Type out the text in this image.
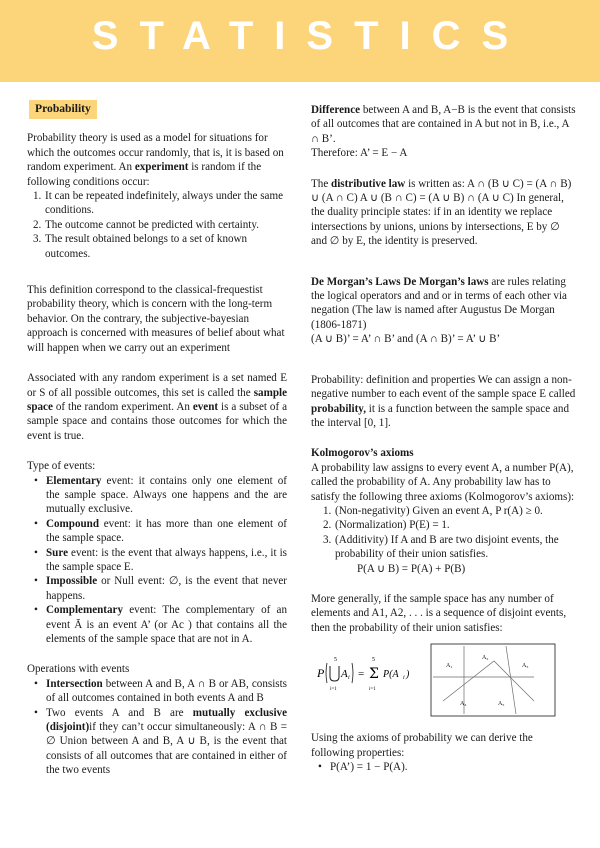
STATISTICS
Probability

Probability theory is used as a model for situations for which the outcomes occur randomly, that is, it is based on random experiment. An experiment is random if the following conditions occur:

1. It can be repeated indefinitely, always under the same conditions.
2. The outcome cannot be predicted with certainty.
3. The result obtained belongs to a set of known outcomes.

This definition correspond to the classical-frequestist probability theory, which is concern with the long-term behavior. On the contrary, the subjective-bayesian approach is concerned with measures of belief about what will happen when we carry out an experiment

Associated with any random experiment is a set named E or S of all possible outcomes, this set is called the sample space of the random experiment. An event is a subset of a sample space and contains those outcomes for which the event is true.

Type of events:

• Elementary event: it contains only one element of the sample space. Always one happens and the are mutually exclusive.
• Compound event: it has more than one element of the sample space.
• Sure event: is the event that always happens, i.e., it is the sample space E.
• Impossible or Null event: ∅, is the event that never happens.
• Complementary event: The complementary of an event Ā is an event A’ (or Ac ) that contains all the elements of the sample space that are not in A.

Operations with events

• Intersection between A and B, A ∩ B or AB, consists of all outcomes contained in both events A and B
• Two events A and B are mutually exclusive (disjoint)if they can’t occur simultaneously: A ∩ B = ∅ Union between A and B, A ∪ B, is the event that consists of all outcomes that are contained in either of the two events

Difference between A and B, A−B is the event that consists of all outcomes that are contained in A but not in B, i.e., A ∩ B’.

Therefore: A’ = E − A

The distributive law is written as: A ∩ (B ∪ C) = (A ∩ B) ∪ (A ∩ C) A ∪ (B ∩ C) = (A ∪ B) ∩ (A ∪ C) In general, the duality principle states: if in an identity we replace intersections by unions, unions by intersections, E by ∅ and ∅ by E, the identity is preserved.

De Morgan’s Laws De Morgan’s laws are rules relating the logical operators and and or in terms of each other via negation (The law is named after Augustus De Morgan (1806-1871)

(A ∪ B)’ = A’ ∩ B’ and (A ∩ B)’ = A’ ∪ B’

Probability: definition and properties We can assign a non-negative number to each event of the sample space E called probability, it is a function between the sample space and the interval [0, 1].

Kolmogorov’s axioms

A probability law assigns to every event A, a number P(A), called the probability of A. Any probability law has to satisfy the following three axioms (Kolmogorov’s axioms):

1. (Non-negativity) Given an event A, P r(A) ≥ 0.
2. (Normalization) P(E) = 1.
3. (Additivity) If A and B are two disjoint events, the probability of their union satisfies.

P(A ∪ B) = P(A) + P(B)

More generally, if the sample space has any number of elements and A1, A2, . . . is a sequence of disjoint events, then the probability of their union satisfies:

P
5
i=1
A i =
5
Σ
i=1
P(A i )
A₁
A₂
A₃
A₄	A₅

Using the axioms of probability we can derive the following properties:

• P(A’) = 1 − P(A).
